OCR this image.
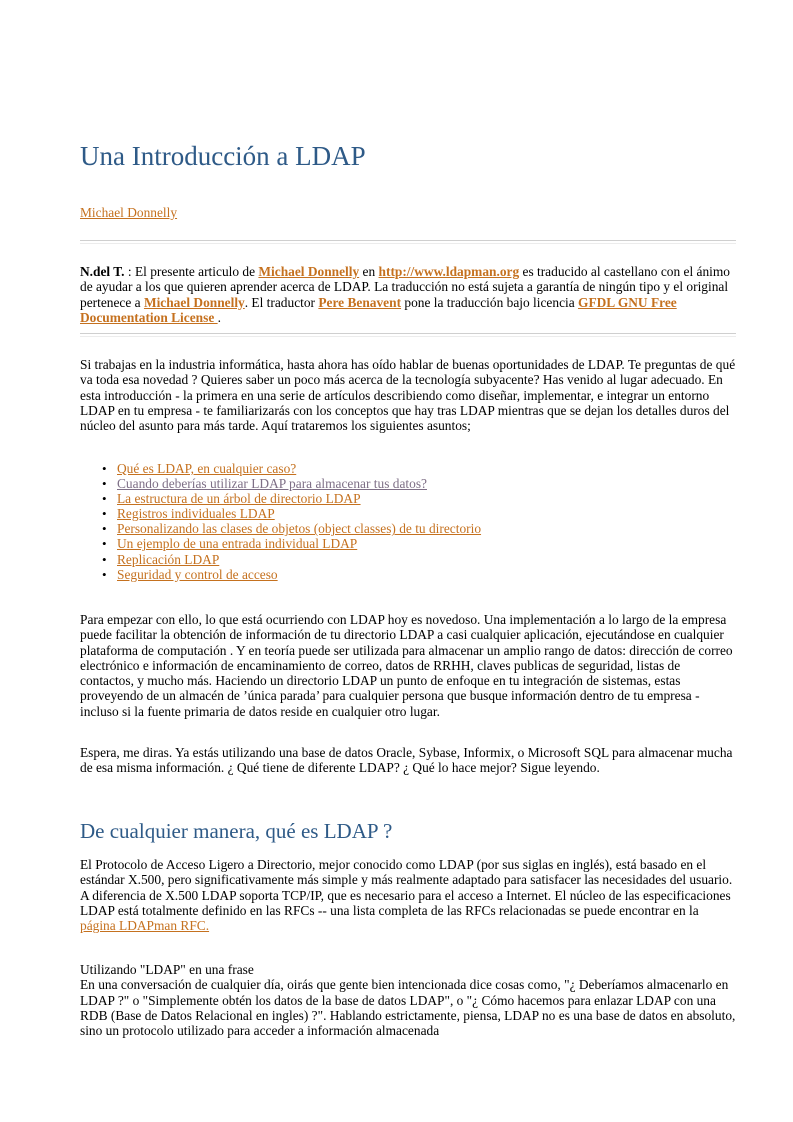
Una Introducción a LDAP
Michael Donnelly

N.del T. : El presente articulo de Michael Donnelly en http://www.ldapman.org es traducido al castellano con el ánimo de ayudar a los que quieren aprender acerca de LDAP. La traducción no está sujeta a garantía de ningún tipo y el original pertenece a Michael Donnelly. El traductor Pere Benavent pone la traducción bajo licencia GFDL GNU Free Documentation License .

Si trabajas en la industria informática, hasta ahora has oído hablar de buenas oportunidades de LDAP. Te preguntas de qué va toda esa novedad ? Quieres saber un poco más acerca de la tecnología subyacente? Has venido al lugar adecuado. En esta introducción - la primera en una serie de artículos describiendo como diseñar, implementar, e integrar un entorno LDAP en tu empresa - te familiarizarás con los conceptos que hay tras LDAP mientras que se dejan los detalles duros del núcleo del asunto para más tarde. Aquí trataremos los siguientes asuntos;

• Qué es LDAP, en cualquier caso?
• Cuando deberías utilizar LDAP para almacenar tus datos?
• La estructura de un árbol de directorio LDAP
• Registros individuales LDAP
• Personalizando las clases de objetos (object classes) de tu directorio
• Un ejemplo de una entrada individual LDAP
• Replicación LDAP
• Seguridad y control de acceso

Para empezar con ello, lo que está ocurriendo con LDAP hoy es novedoso. Una implementación a lo largo de la empresa puede facilitar la obtención de información de tu directorio LDAP a casi cualquier aplicación, ejecutándose en cualquier plataforma de computación . Y en teoría puede ser utilizada para almacenar un amplio rango de datos: dirección de correo electrónico e información de encaminamiento de correo, datos de RRHH, claves publicas de seguridad, listas de contactos, y mucho más. Haciendo un directorio LDAP un punto de enfoque en tu integración de sistemas, estas proveyendo de un almacén de ’única parada’ para cualquier persona que busque información dentro de tu empresa - incluso si la fuente primaria de datos reside en cualquier otro lugar.

Espera, me diras. Ya estás utilizando una base de datos Oracle, Sybase, Informix, o Microsoft SQL para almacenar mucha de esa misma información. ¿ Qué tiene de diferente LDAP? ¿ Qué lo hace mejor? Sigue leyendo.

De cualquier manera, qué es LDAP ?

El Protocolo de Acceso Ligero a Directorio, mejor conocido como LDAP (por sus siglas en inglés), está basado en el estándar X.500, pero significativamente más simple y más realmente adaptado para satisfacer las necesidades del usuario. A diferencia de X.500 LDAP soporta TCP/IP, que es necesario para el acceso a Internet. El núcleo de las especificaciones LDAP está totalmente definido en las RFCs -- una lista completa de las RFCs relacionadas se puede encontrar en la página LDAPman RFC.

Utilizando "LDAP" en una frase

En una conversación de cualquier día, oirás que gente bien intencionada dice cosas como, "¿ Deberíamos almacenarlo en LDAP ?" o "Simplemente obtén los datos de la base de datos LDAP", o "¿ Cómo hacemos para enlazar LDAP con una RDB (Base de Datos Relacional en ingles) ?". Hablando estrictamente, piensa, LDAP no es una base de datos en absoluto, sino un protocolo utilizado para acceder a información almacenada
